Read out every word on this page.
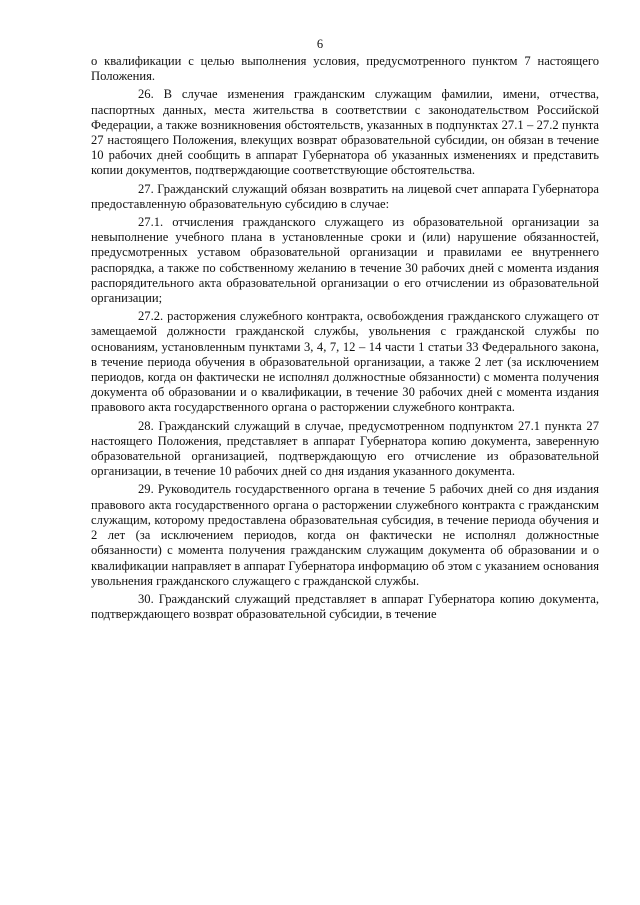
6

о квалификации с целью выполнения условия, предусмотренного пунктом 7 настоящего Положения.

26. В случае изменения гражданским служащим фамилии, имени, отчества, паспортных данных, места жительства в соответствии с законодательством Российской Федерации, а также возникновения обстоятельств, указанных в подпунктах 27.1 – 27.2 пункта 27 настоящего Положения, влекущих возврат образовательной субсидии, он обязан в течение 10 рабочих дней сообщить в аппарат Губернатора об указанных изменениях и представить копии документов, подтверждающие соответствующие обстоятельства.

27. Гражданский служащий обязан возвратить на лицевой счет аппарата Губернатора предоставленную образовательную субсидию в случае:

27.1. отчисления гражданского служащего из образовательной организации за невыполнение учебного плана в установленные сроки и (или) нарушение обязанностей, предусмотренных уставом образовательной организации и правилами ее внутреннего распорядка, а также по собственному желанию в течение 30 рабочих дней с момента издания распорядительного акта образовательной организации о его отчислении из образовательной организации;

27.2. расторжения служебного контракта, освобождения гражданского служащего от замещаемой должности гражданской службы, увольнения с гражданской службы по основаниям, установленным пунктами 3, 4, 7, 12 – 14 части 1 статьи 33 Федерального закона, в течение периода обучения в образовательной организации, а также 2 лет (за исключением периодов, когда он фактически не исполнял должностные обязанности) с момента получения документа об образовании и о квалификации, в течение 30 рабочих дней с момента издания правового акта государственного органа о расторжении служебного контракта.

28. Гражданский служащий в случае, предусмотренном подпунктом 27.1 пункта 27 настоящего Положения, представляет в аппарат Губернатора копию документа, заверенную образовательной организацией, подтверждающую его отчисление из образовательной организации, в течение 10 рабочих дней со дня издания указанного документа.

29. Руководитель государственного органа в течение 5 рабочих дней со дня издания правового акта государственного органа о расторжении служебного контракта с гражданским служащим, которому предоставлена образовательная субсидия, в течение периода обучения и 2 лет (за исключением периодов, когда он фактически не исполнял должностные обязанности) с момента получения гражданским служащим документа об образовании и о квалификации направляет в аппарат Губернатора информацию об этом с указанием основания увольнения гражданского служащего с гражданской службы.

30. Гражданский служащий представляет в аппарат Губернатора копию документа, подтверждающего возврат образовательной субсидии, в течение
